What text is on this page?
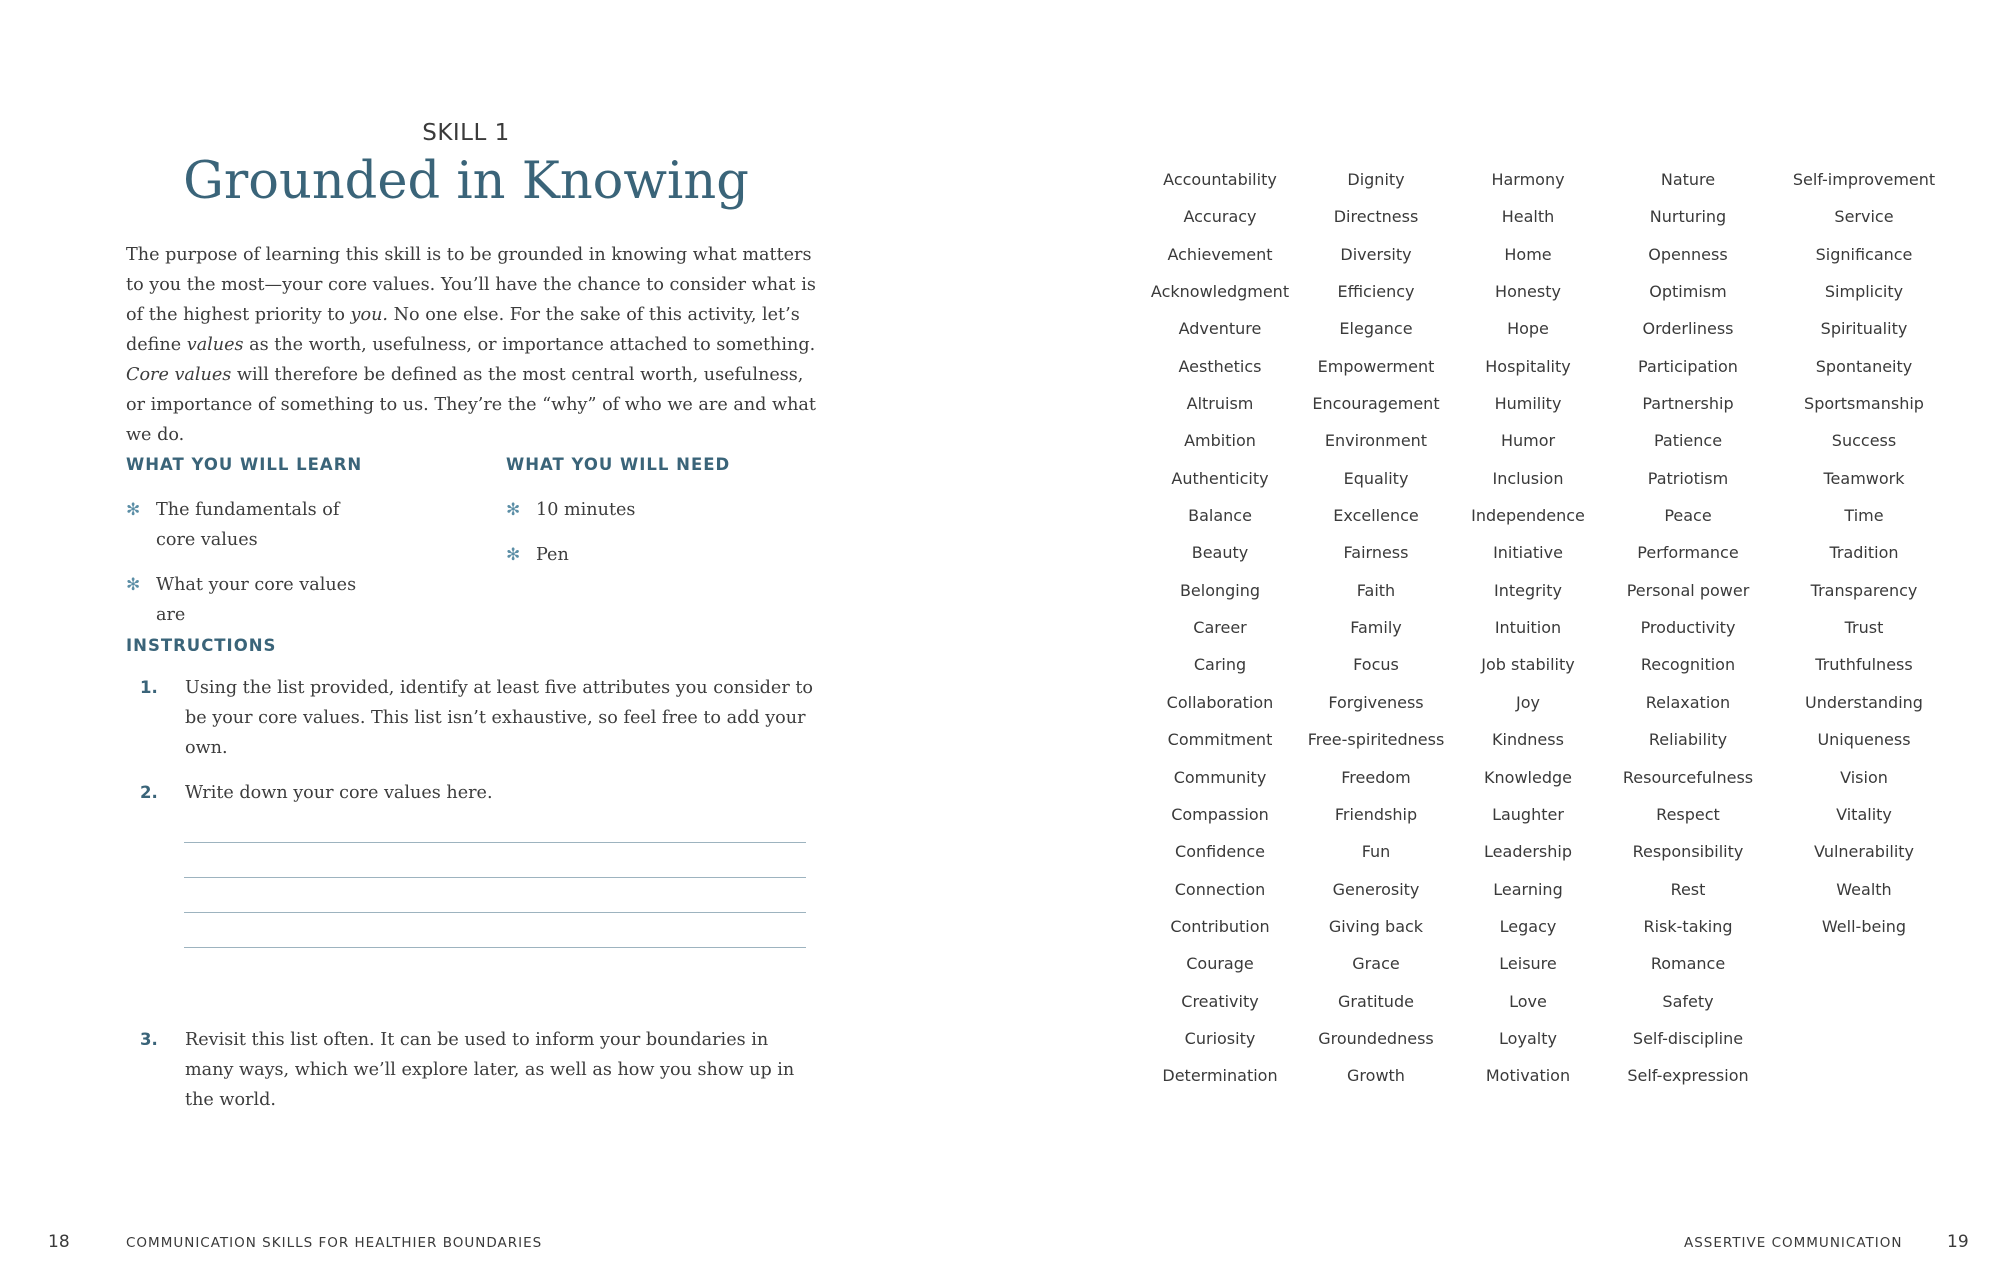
SKILL 1
Grounded in Knowing

The purpose of learning this skill is to be grounded in knowing what matters to you the most—your core values. You’ll have the chance to consider what is of the highest priority to you. No one else. For the sake of this activity, let’s define values as the worth, usefulness, or importance attached to something. Core values will therefore be defined as the most central worth, usefulness, or importance of something to us. They’re the “why” of who we are and what we do.

WHAT YOU WILL LEARN
✻ The fundamentals of core values
✻ What your core values are
WHAT YOU WILL NEED
✻ 10 minutes
✻ Pen
INSTRUCTIONS
1. Using the list provided, identify at least five attributes you consider to be your core values. This list isn’t exhaustive, so feel free to add your own.
2. Write down your core values here.
3. Revisit this list often. It can be used to inform your boundaries in many ways, which we’ll explore later, as well as how you show up in the world.
18	COMMUNICATION SKILLS FOR HEALTHIER BOUNDARIES
Accountability
Accuracy
Achievement
Acknowledgment
Adventure
Aesthetics
Altruism
Ambition
Authenticity
Balance
Beauty
Belonging
Career
Caring
Collaboration
Commitment
Community
Compassion
Confidence
Connection
Contribution
Courage
Creativity
Curiosity
Determination
Dignity
Directness
Diversity
Efficiency
Elegance
Empowerment
Encouragement
Environment
Equality
Excellence
Fairness
Faith
Family
Focus
Forgiveness
Free-spiritedness
Freedom
Friendship
Fun
Generosity
Giving back
Grace
Gratitude
Groundedness
Growth
Harmony
Health
Home
Honesty
Hope
Hospitality
Humility
Humor
Inclusion
Independence
Initiative
Integrity
Intuition
Job stability
Joy
Kindness
Knowledge
Laughter
Leadership
Learning
Legacy
Leisure
Love
Loyalty
Motivation
Nature
Nurturing
Openness
Optimism
Orderliness
Participation
Partnership
Patience
Patriotism
Peace
Performance
Personal power
Productivity
Recognition
Relaxation
Reliability
Resourcefulness
Respect
Responsibility
Rest
Risk-taking
Romance
Safety
Self-discipline
Self-expression
Self-improvement
Service
Significance
Simplicity
Spirituality
Spontaneity
Sportsmanship
Success
Teamwork
Time
Tradition
Transparency
Trust
Truthfulness
Understanding
Uniqueness
Vision
Vitality
Vulnerability
Wealth
Well-being
ASSERTIVE COMMUNICATION	19
